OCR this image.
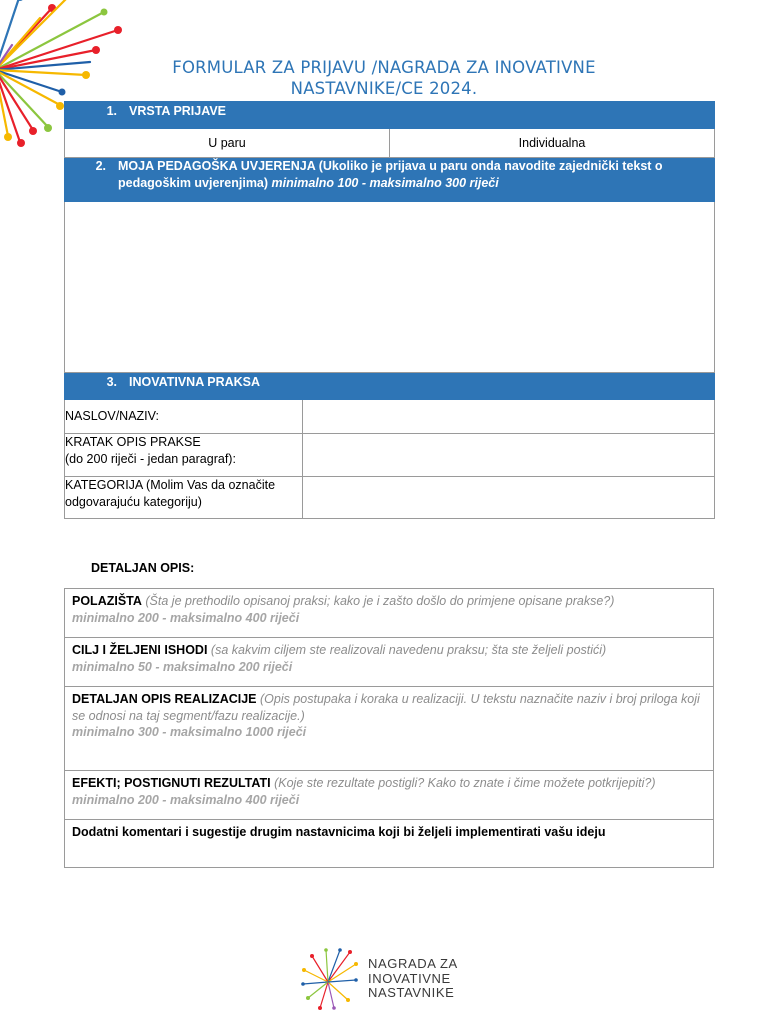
FORMULAR ZA PRIJAVU /NAGRADA ZA INOVATIVNE
NASTAVNIKE/CE 2024.
1. VRSTA PRIJAVE		
U paru		Individualna

2. MOJA PEDAGOŠKA UVJERENJA (Ukoliko je prijava u paru onda navodite zajednički tekst o pedagoškim uvjerenjima) minimalno 100 - maksimalno 300 riječi		

3. INOVATIVNA PRAKSA		
NASLOV/NAZIV:		

KRATAK OPIS PRAKSE
(do 200 riječi - jedan paragraf):		

KATEGORIJA (Molim Vas da označite
odgovarajuću kategoriju)		

DETALJAN OPIS:
POLAZIŠTA (Šta je prethodilo opisanoj praksi; kako je i zašto došlo do primjene opisane prakse?)
minimalno 200 - maksimalno 400 riječi
CILJ I ŽELJENI ISHODI (sa kakvim ciljem ste realizovali navedenu praksu; šta ste željeli postići)
minimalno 50 - maksimalno 200 riječi
DETALJAN OPIS REALIZACIJE (Opis postupaka i koraka u realizaciji. U tekstu naznačite naziv i broj priloga koji se odnosi na taj segment/fazu realizacije.)
minimalno 300 - maksimalno 1000 riječi
EFEKTI; POSTIGNUTI REZULTATI (Koje ste rezultate postigli? Kako to znate i čime možete potkrijepiti?)
minimalno 200 - maksimalno 400 riječi
Dodatni komentari i sugestije drugim nastavnicima koji bi željeli implementirati vašu ideju
NAGRADA ZA
INOVATIVNE
NASTAVNIKE
